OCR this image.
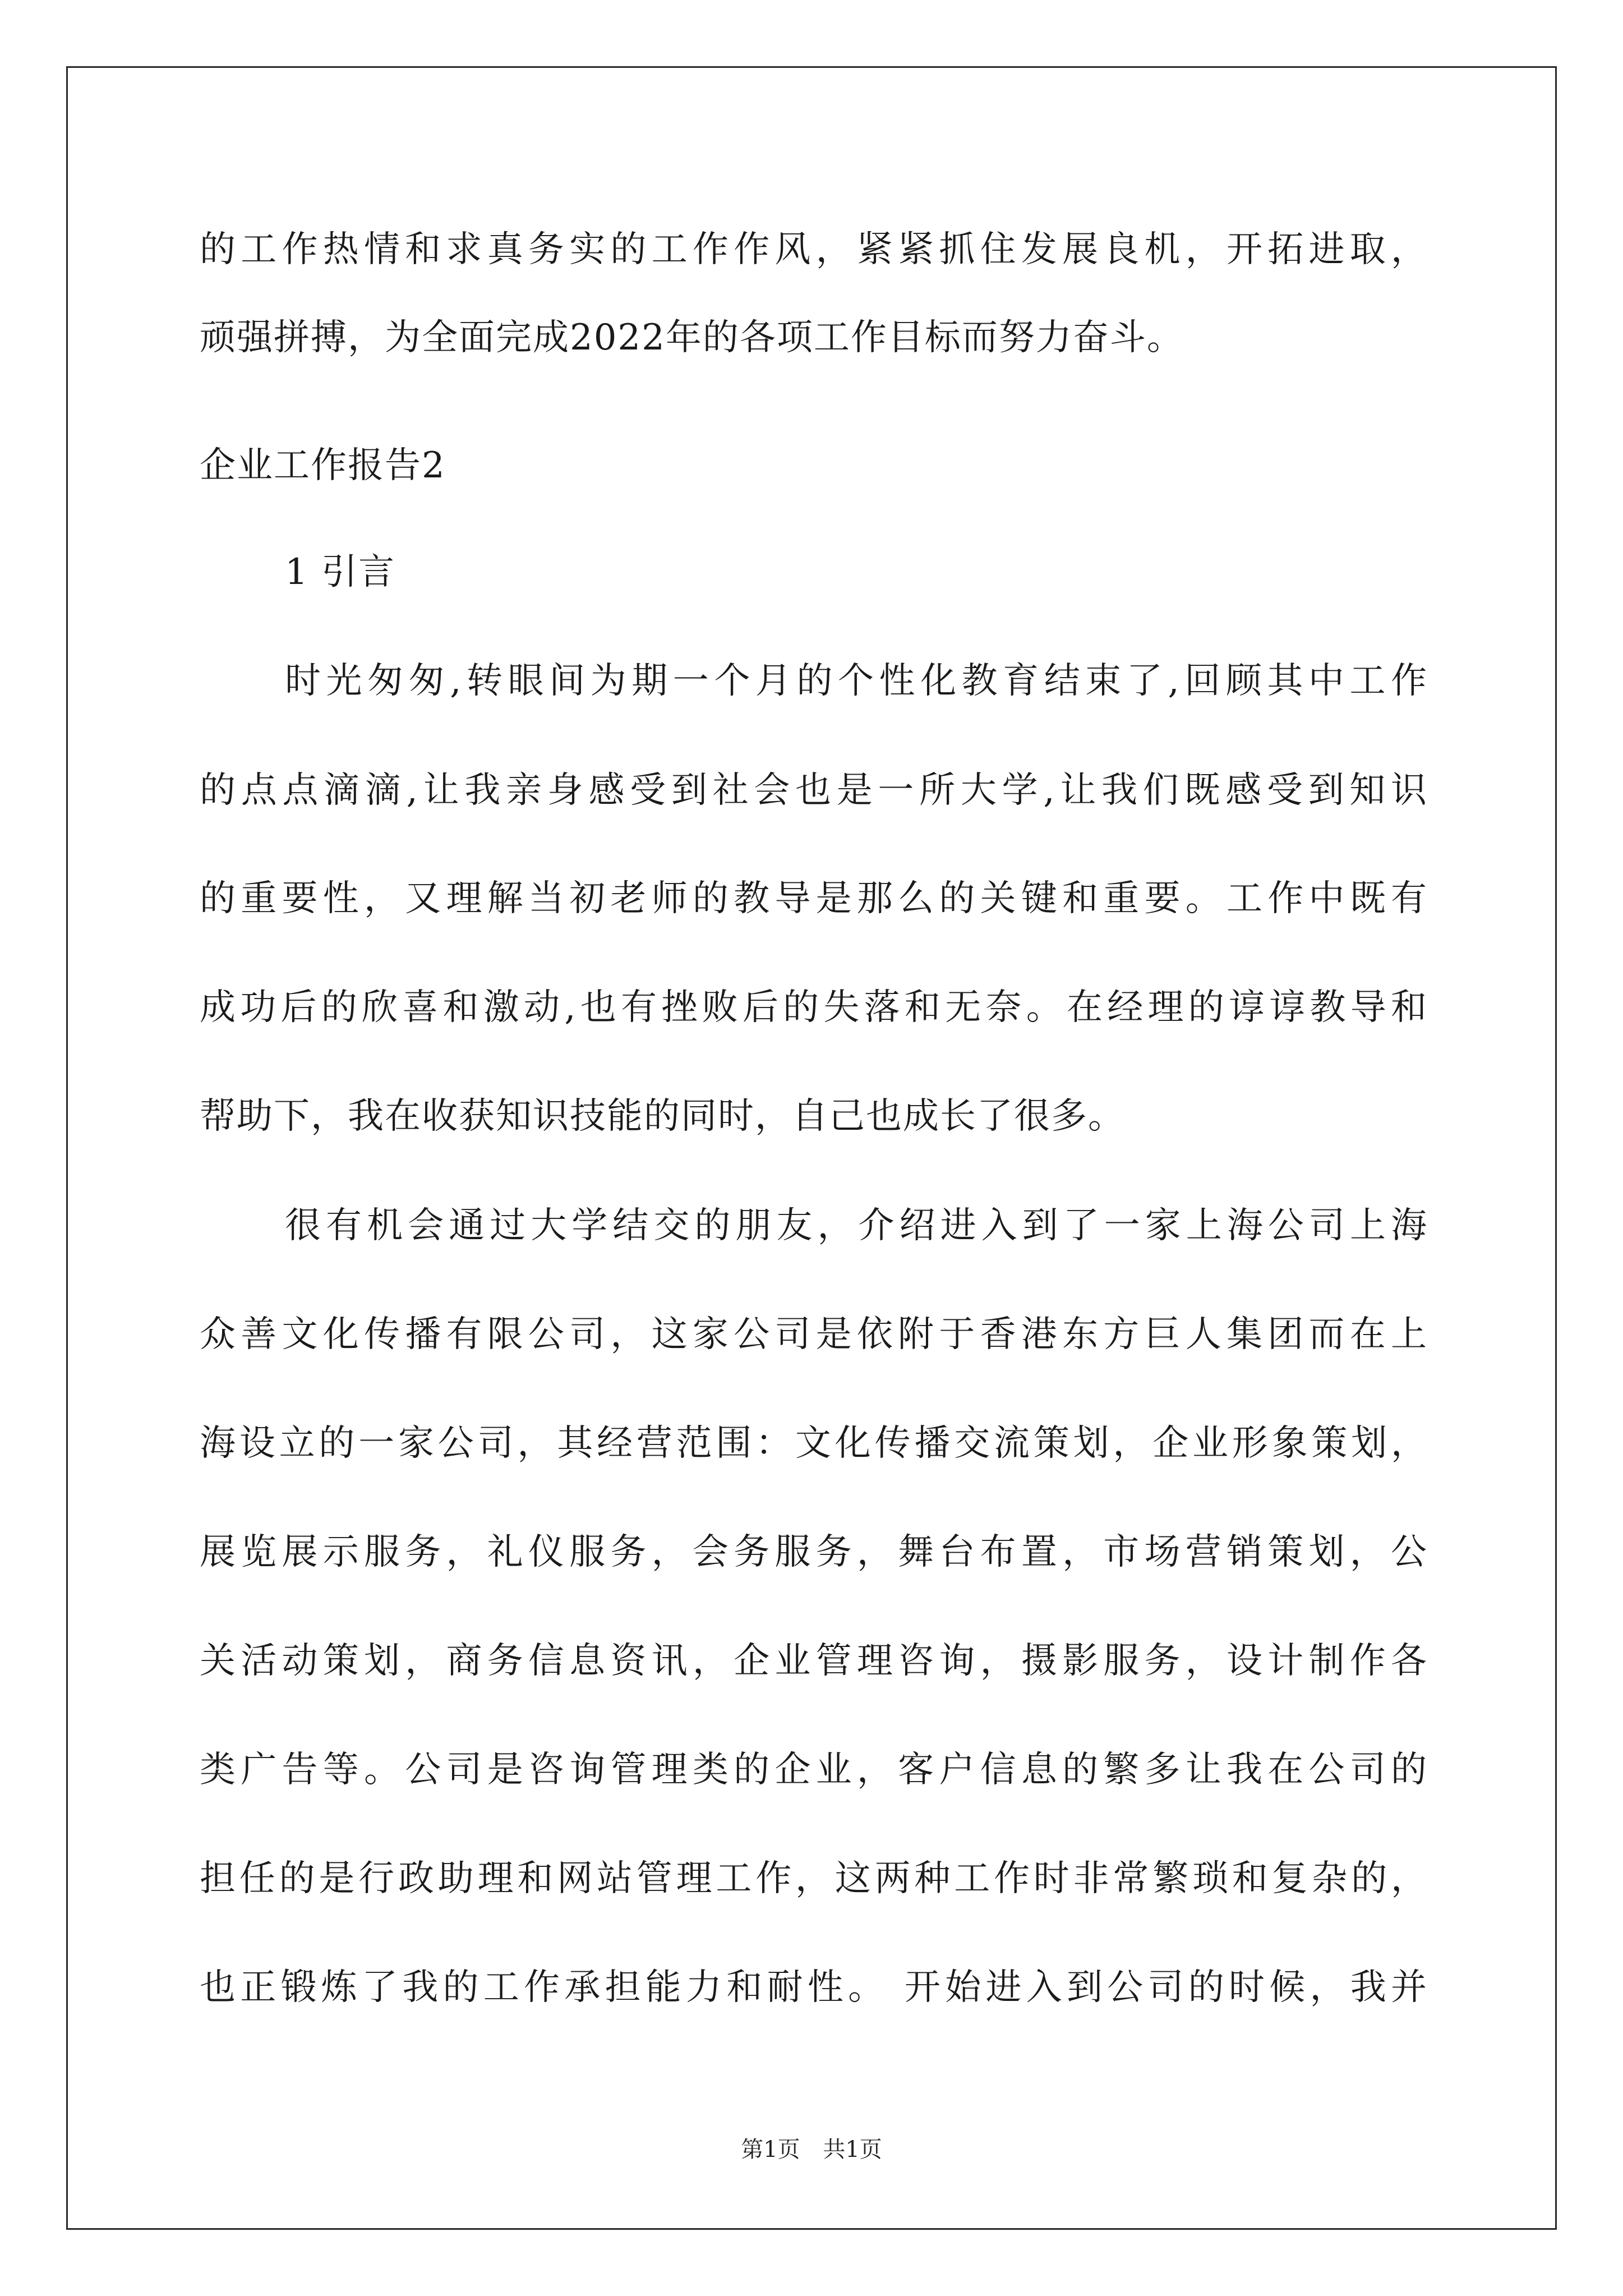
的工作热情和求真务实的工作作风，紧紧抓住发展良机，开拓进取，
顽强拼搏，为全面完成2022年的各项工作目标而努力奋斗。
企业工作报告2
1 引言
时光匆匆,转眼间为期一个月的个性化教育结束了,回顾其中工作
的点点滴滴,让我亲身感受到社会也是一所大学,让我们既感受到知识
的重要性，又理解当初老师的教导是那么的关键和重要。工作中既有
成功后的欣喜和激动,也有挫败后的失落和无奈。在经理的谆谆教导和
帮助下，我在收获知识技能的同时，自己也成长了很多。
很有机会通过大学结交的朋友，介绍进入到了一家上海公司上海
众善文化传播有限公司，这家公司是依附于香港东方巨人集团而在上
海设立的一家公司，其经营范围：文化传播交流策划，企业形象策划，
展览展示服务，礼仪服务，会务服务，舞台布置，市场营销策划，公
关活动策划，商务信息资讯，企业管理咨询，摄影服务，设计制作各
类广告等。公司是咨询管理类的企业，客户信息的繁多让我在公司的
担任的是行政助理和网站管理工作，这两种工作时非常繁琐和复杂的，
也正锻炼了我的工作承担能力和耐性。 开始进入到公司的时候，我并
第1页 共1页
